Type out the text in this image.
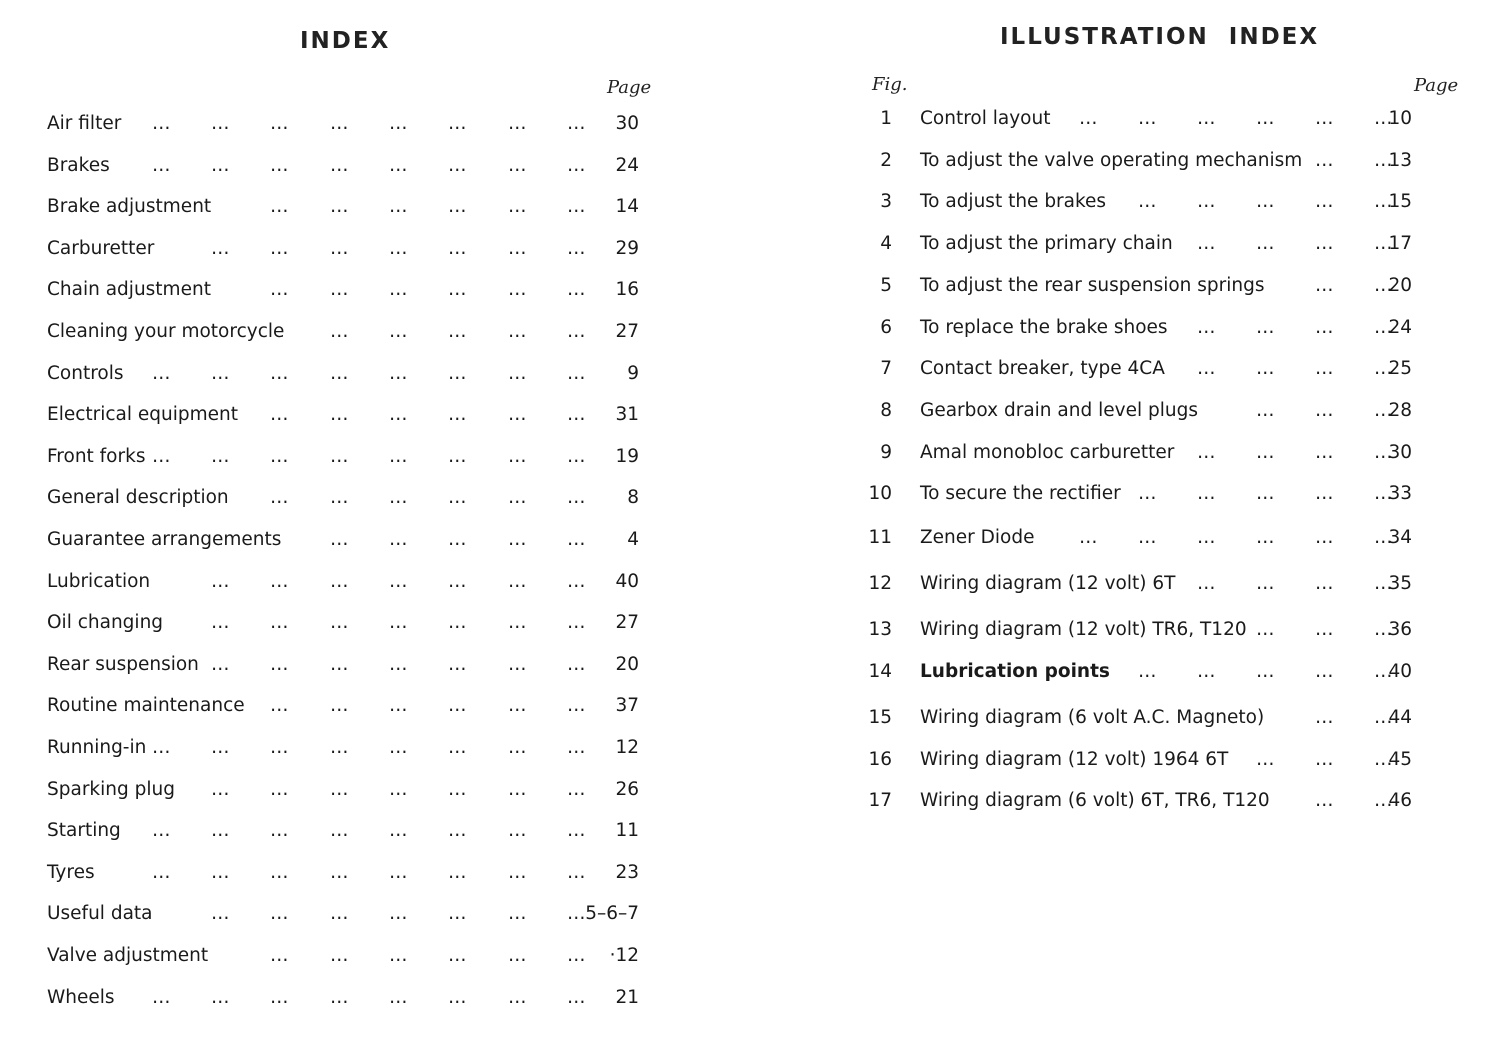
INDEX
Page
Air filter	30
… … … … … … … …
Brakes	24
… … … … … … … …
Brake adjustment	14
… … … … … …
Carburetter	29
… … … … … … …
Chain adjustment	16
… … … … … …
Cleaning your motorcycle	27
… … … … …
Controls	9
… … … … … … … …
Electrical equipment	31
… … … … … …
Front forks	19
… … … … … … … …
General description	8
… … … … … …
Guarantee arrangements	4
… … … … …
Lubrication	40
… … … … … … …
Oil changing	27
… … … … … … …
Rear suspension	20
… … … … … … …
Routine maintenance	37
… … … … … …
Running-in	12
… … … … … … … …
Sparking plug	26
… … … … … … …
Starting	11
… … … … … … … …
Tyres	23
… … … … … … … …
Useful data	5–6–7
… … … … … … …
Valve adjustment	·12
… … … … … …
Wheels	21
… … … … … … … …
ILLUSTRATION  INDEX
Fig.	Page
1 Control layout	10
… … … … … …
2 To adjust the valve operating mechanism	13
… …
3 To adjust the brakes	15
… … … … …
4 To adjust the primary chain	17
… … … …
5 To adjust the rear suspension springs	20
… …
6 To replace the brake shoes	24
… … … …
7 Contact breaker, type 4CA	25
… … … …
8 Gearbox drain and level plugs	28
… … …
9 Amal monobloc carburetter	30
… … … …
10 To secure the rectifier	33
… … … … …
11 Zener Diode	34
… … … … … …
12 Wiring diagram (12 volt) 6T	35
… … … …
13 Wiring diagram (12 volt) TR6, T120	36
… … …
14 Lubrication points	40
… … … … …
15 Wiring diagram (6 volt A.C. Magneto)	44
… …
16 Wiring diagram (12 volt) 1964 6T	45
… … …
17 Wiring diagram (6 volt) 6T, TR6, T120	46
… …
